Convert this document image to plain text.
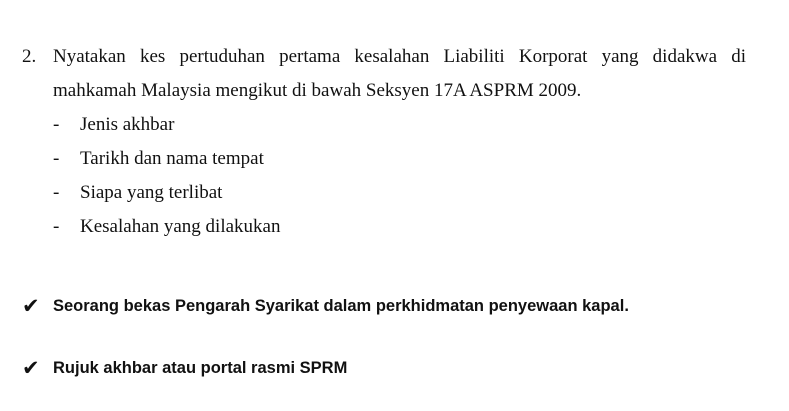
2. Nyatakan kes pertuduhan pertama kesalahan Liabiliti Korporat yang didakwa di
mahkamah Malaysia mengikut di bawah Seksyen 17A ASPRM 2009.
-	Jenis akhbar
-	Tarikh dan nama tempat
-	Siapa yang terlibat
-	Kesalahan yang dilakukan
✔ Seorang bekas Pengarah Syarikat dalam perkhidmatan penyewaan kapal.
✔ Rujuk akhbar atau portal rasmi SPRM
